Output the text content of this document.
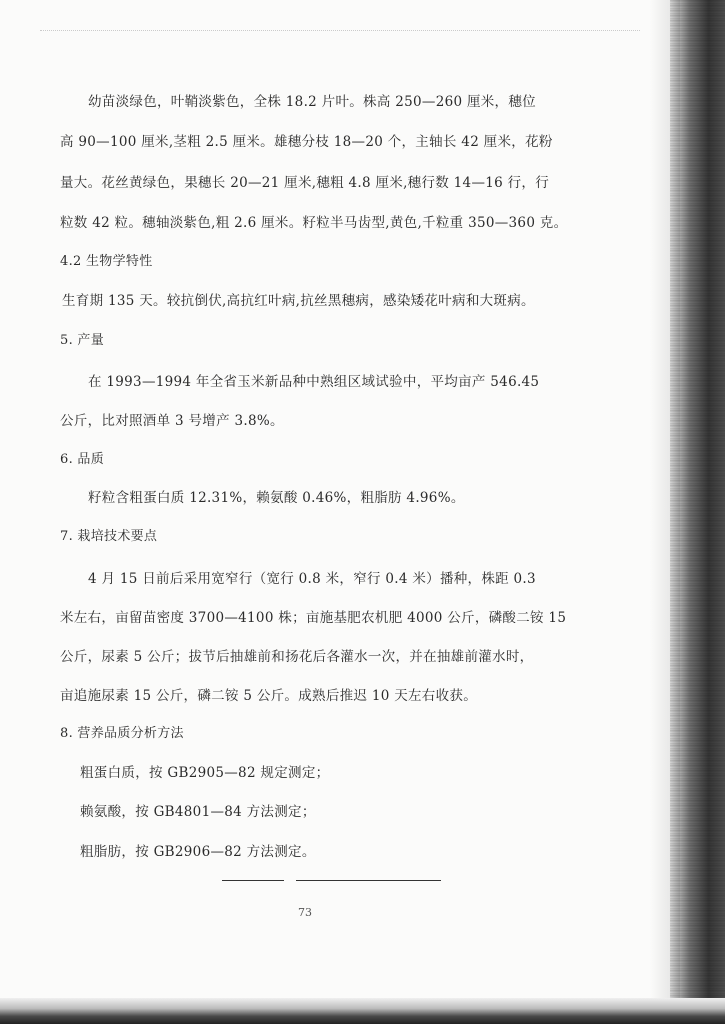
幼苗淡绿色，叶鞘淡紫色，全株 18.2 片叶。株高 250—260 厘米，穗位
高 90—100 厘米,茎粗 2.5 厘米。雄穗分枝 18—20 个，主轴长 42 厘米，花粉
量大。花丝黄绿色，果穗长 20—21 厘米,穗粗 4.8 厘米,穗行数 14—16 行，行
粒数 42 粒。穗轴淡紫色,粗 2.6 厘米。籽粒半马齿型,黄色,千粒重 350—360 克。
4.2 生物学特性
生育期 135 天。较抗倒伏,高抗红叶病,抗丝黑穗病，感染矮花叶病和大斑病。
5. 产量
在 1993—1994 年全省玉米新品种中熟组区域试验中，平均亩产 546.45
公斤，比对照酒单 3 号增产 3.8%。
6. 品质
籽粒含粗蛋白质 12.31%，赖氨酸 0.46%，粗脂肪 4.96%。
7. 栽培技术要点
4 月 15 日前后采用宽窄行（宽行 0.8 米，窄行 0.4 米）播种，株距 0.3
米左右，亩留苗密度 3700—4100 株；亩施基肥农机肥 4000 公斤，磷酸二铵 15
公斤，尿素 5 公斤；拔节后抽雄前和扬花后各灌水一次，并在抽雄前灌水时，
亩追施尿素 15 公斤，磷二铵 5 公斤。成熟后推迟 10 天左右收获。
8. 营养品质分析方法
粗蛋白质，按 GB2905—82 规定测定；
赖氨酸，按 GB4801—84 方法测定；
粗脂肪，按 GB2906—82 方法测定。
73
